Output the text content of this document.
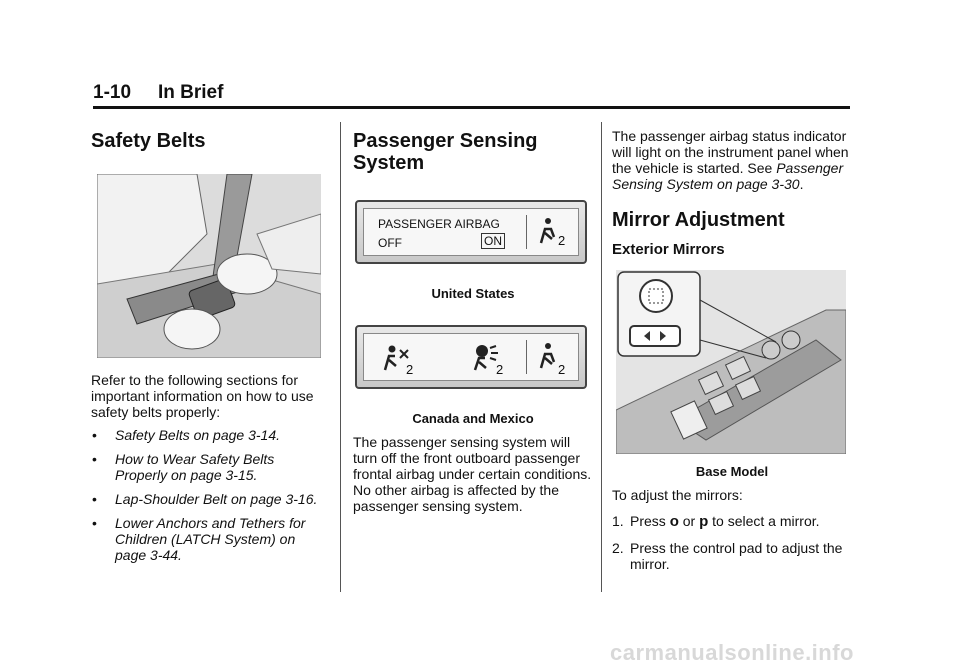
1-10 In Brief
Safety Belts

Refer to the following sections for important information on how to use safety belts properly:

• Safety Belts on page 3-14.
• How to Wear Safety Belts Properly on page 3-15.
• Lap-Shoulder Belt on page 3-16.
• Lower Anchors and Tethers for Children (LATCH System) on page 3-44.
Passenger Sensing
System
PASSENGER AIRBAG
OFF	ON	2
United States
2	2	2
Canada and Mexico

The passenger sensing system will turn off the front outboard passenger frontal airbag under certain conditions. No other airbag is affected by the passenger sensing system.

The passenger airbag status indicator will light on the instrument panel when the vehicle is started. See Passenger Sensing System on page 3-30.

Mirror Adjustment
Exterior Mirrors
Base Model

To adjust the mirrors:

1. Press o or p to select a mirror.
2. Press the control pad to adjust the mirror.
carmanualsonline.info
